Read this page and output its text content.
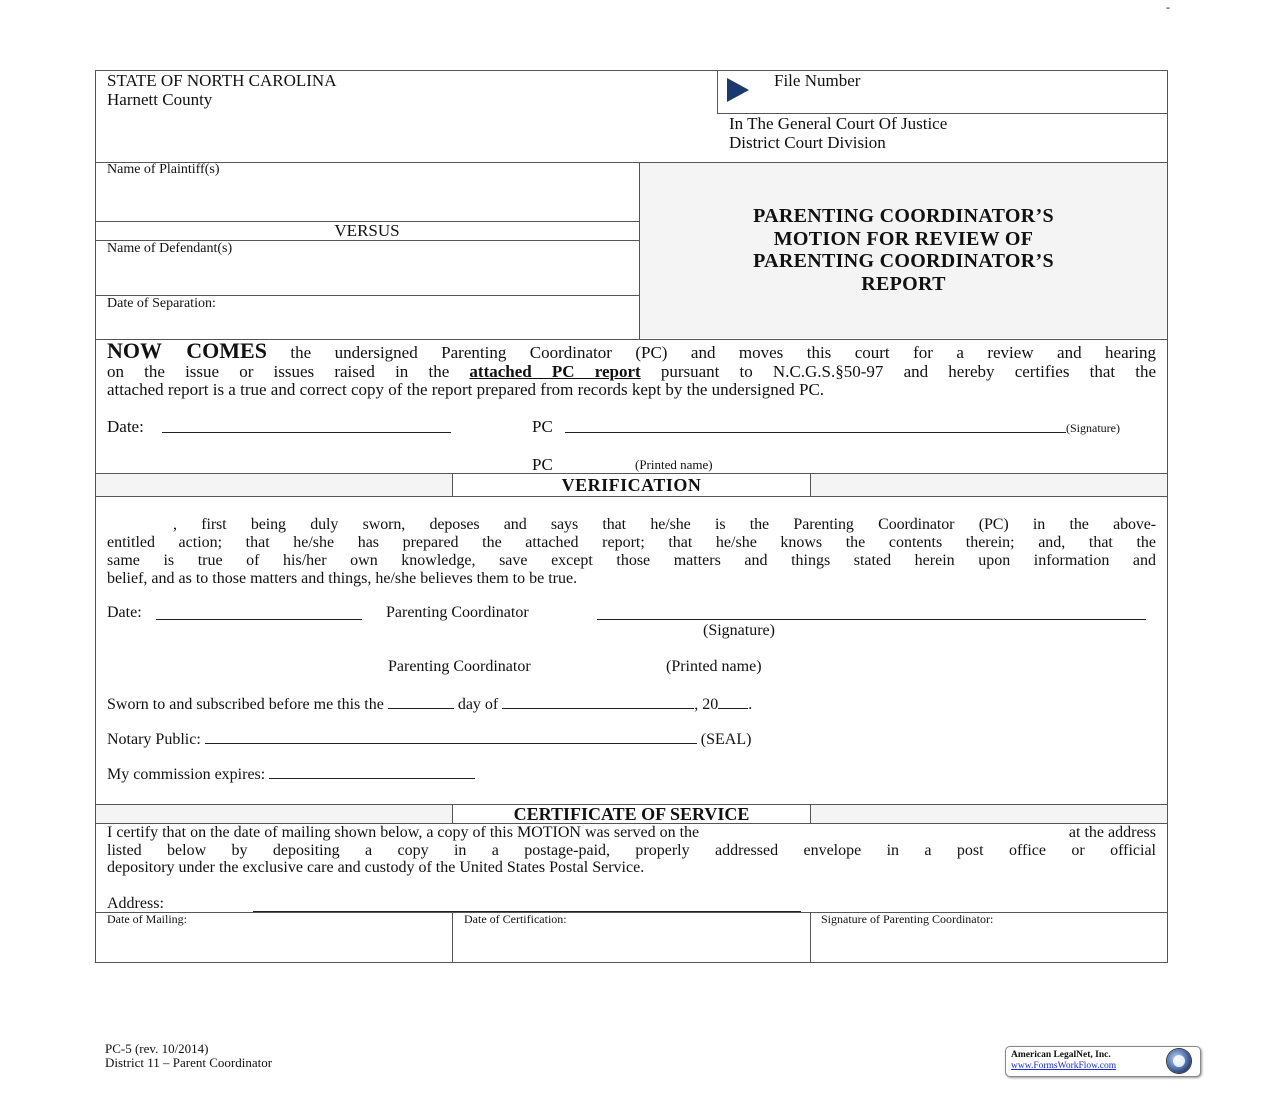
-
STATE OF NORTH CAROLINA
Harnett County
File Number
In The General Court Of Justice
District Court Division
Name of Plaintiff(s)
VERSUS
Name of Defendant(s)
Date of Separation:
PARENTING COORDINATOR’S
MOTION FOR REVIEW OF
PARENTING COORDINATOR’S
REPORT
NOW COMES the undersigned Parenting Coordinator (PC) and moves this court for a review and hearing
on the issue or issues raised in the attached PC report pursuant to N.C.G.S.§50-97 and hereby certifies that the
attached report is a true and correct copy of the report prepared from records kept by the undersigned PC.
Date:	PC	(Signature)
PC	(Printed name)
VERIFICATION
, first being duly sworn, deposes and says that he/she is the Parenting Coordinator (PC) in the above-
entitled action; that he/she has prepared the attached report; that he/she knows the contents therein; and, that the
same is true of his/her own knowledge, save except those matters and things stated herein upon information and
belief, and as to those matters and things, he/she believes them to be true.
Date:	Parenting Coordinator
(Signature)
Parenting Coordinator	(Printed name)
Sworn to and subscribed before me this the	day of	, 20 .
Notary Public:	(SEAL)
My commission expires:
CERTIFICATE OF SERVICE
I certify that on the date of mailing shown below, a copy of this MOTION was served on the	at the address
listed below by depositing a copy in a postage-paid, properly addressed envelope in a post office or official
depository under the exclusive care and custody of the United States Postal Service.
Address:
Date of Mailing:	Date of Certification:	Signature of Parenting Coordinator:
PC-5 (rev. 10/2014)
District 11 – Parent Coordinator	American LegalNet, Inc.
www.FormsWorkFlow.com
